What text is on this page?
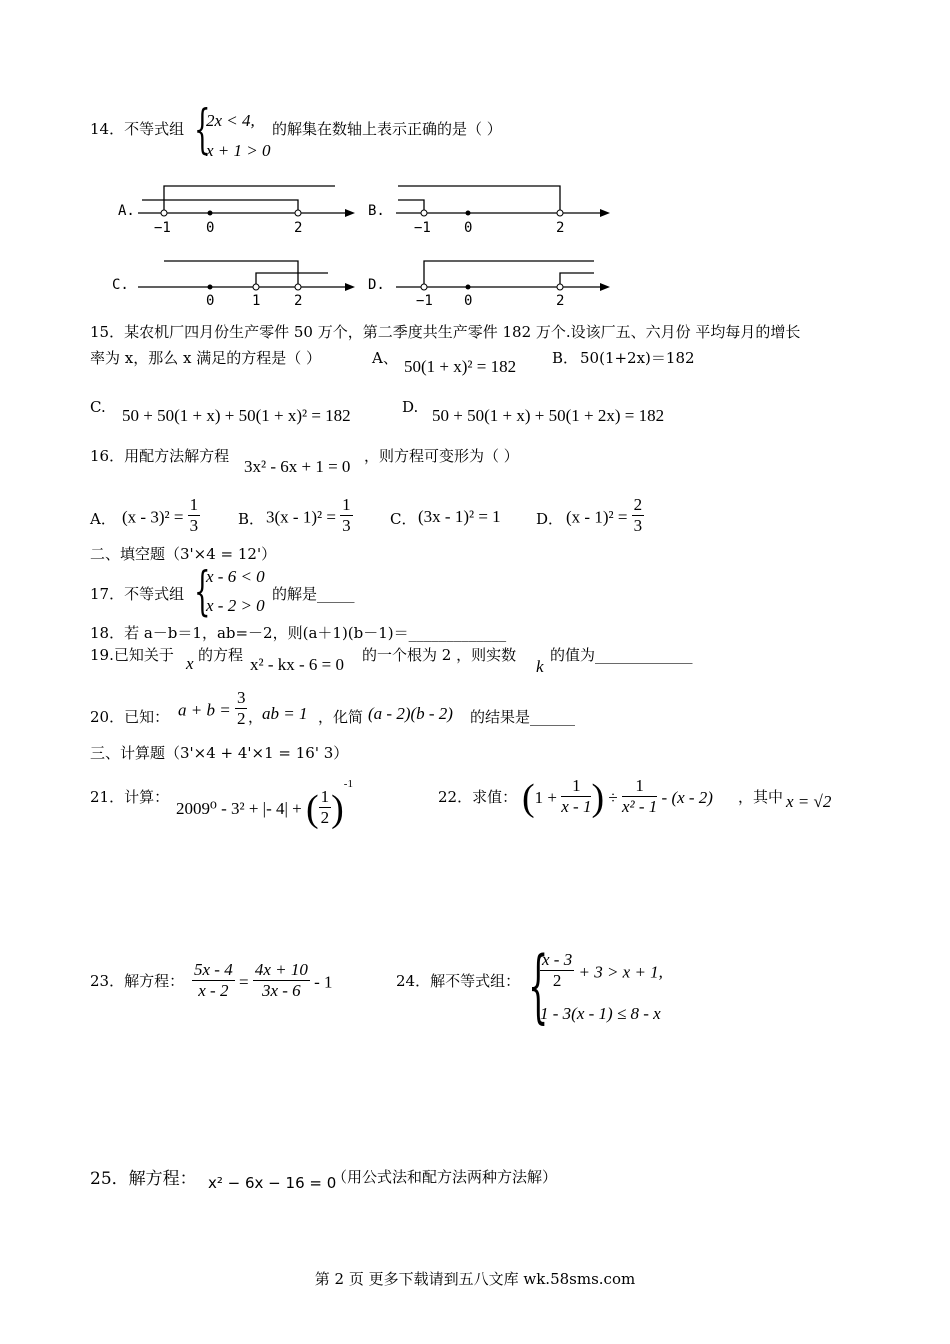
14．不等式组 {
2x < 4,
x + 1 > 0
的解集在数轴上表示正确的是（ ）
A.
−1	0	2
B.
−1 0	2
C.
0	1 2
D.
−1 0	2
15．某农机厂四月份生产零件 50 万个，第二季度共生产零件 182 万个.设该厂五、六月份 平均每月的增长
率为 x，那么 x 满足的方程是（ ）	A、 50(1 + x)² = 182 B． 50(1+2x)＝182
C. 50 + 50(1 + x) + 50(1 + x)² = 182	D. 50 + 50(1 + x) + 50(1 + 2x) = 182
16．用配方法解方程
3x² - 6x + 1 = 0
，则方程可变形为（ ）
A． $(x - 3)^2 = \frac{1}{3}$	B． $3(x - 1)^2 = \frac{1}{3}$ C． (3x - 1)² = 1 D． $(x - 1)^2 = \frac{2}{3}$
二、填空题（3'×4 = 12'）
17．不等式组 {
x - 6 < 0
x - 2 > 0
的解是_____
18．若 a－b＝1，ab=－2，则(a＋1)(b－1)＝_____________
19.已知关于 x 的方程 x² - kx - 6 = 0 的一个根为 2 ，则实数
k
的值为_____________
20．已知： $a + b = \frac{3}{2}$ ，
ab = 1 ，化简 (a - 2)(b - 2) 的结果是______
三、计算题（3'×4 + 4'×1 = 16' 3）
21．计算：
2009⁰ - 3² + |- 4| + ( $\frac{1}{2} )^{-1}$
22．求值： ($1 + \frac{1}{x - 1}$ ) ÷ $\frac{1}{\text{x² - 1}} - (x - 2)$ ，其中 x = √2
23．解方程： $\frac{5x - 4}{x - 2} = \frac{4x + 10}{3x - 6} - 1$	24．解不等式组： {
$\frac{x - 3}{2} + 3 > x + 1$,
1 - 3(x - 1) ≤ 8 - x
25．解方程： x² − 6x − 16 = 0
（用公式法和配方法两种方法解）
第 2 页 更多下载请到五八文库 wk.58sms.com
